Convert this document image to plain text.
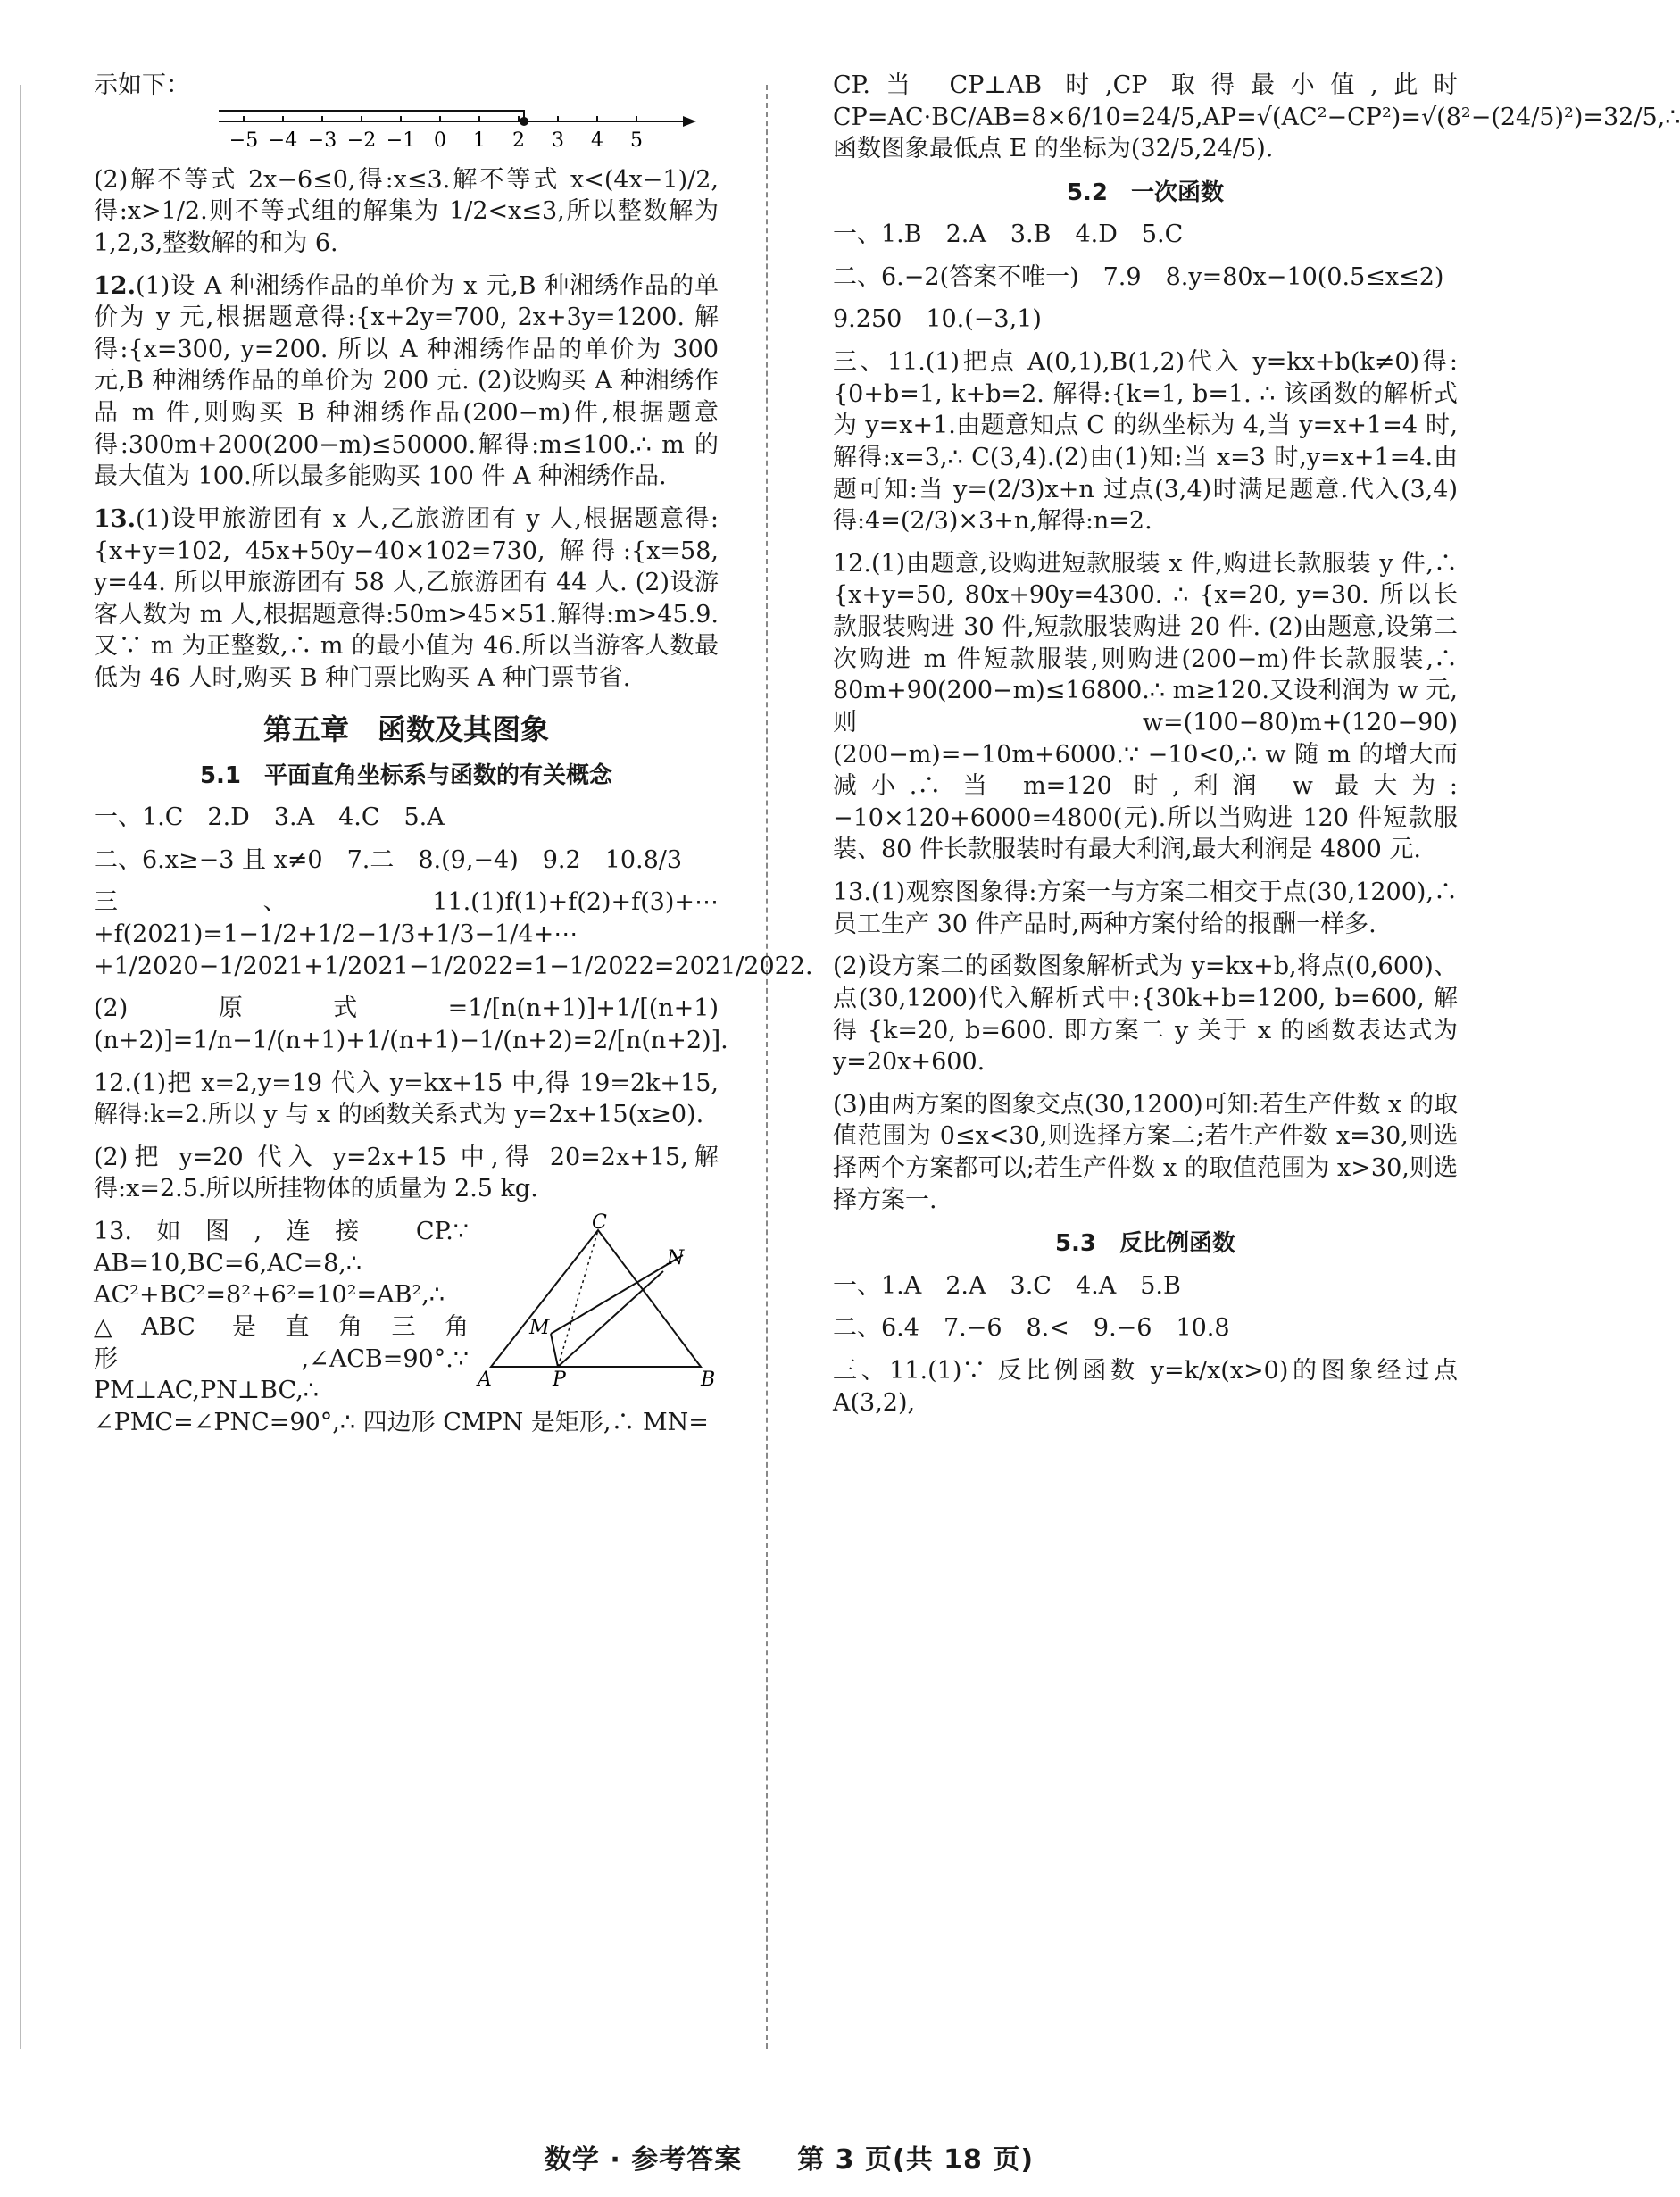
示如下：
−5 −4 −3 −2 −1 0 1 2 3 4 5

(2)解不等式 2x−6≤0,得:x≤3.解不等式 x<(4x−1)/2,得:x>1/2.则不等式组的解集为 1/2<x≤3,所以整数解为 1,2,3,整数解的和为 6.

12.(1)设 A 种湘绣作品的单价为 x 元,B 种湘绣作品的单价为 y 元,根据题意得:{x+2y=700, 2x+3y=1200. 解得:{x=300, y=200. 所以 A 种湘绣作品的单价为 300 元,B 种湘绣作品的单价为 200 元. (2)设购买 A 种湘绣作品 m 件,则购买 B 种湘绣作品(200−m)件,根据题意得:300m+200(200−m)≤50000.解得:m≤100.∴ m 的最大值为 100.所以最多能购买 100 件 A 种湘绣作品.

13.(1)设甲旅游团有 x 人,乙旅游团有 y 人,根据题意得:{x+y=102, 45x+50y−40×102=730, 解得:{x=58, y=44. 所以甲旅游团有 58 人,乙旅游团有 44 人. (2)设游客人数为 m 人,根据题意得:50m>45×51.解得:m>45.9.又∵ m 为正整数,∴ m 的最小值为 46.所以当游客人数最低为 46 人时,购买 B 种门票比购买 A 种门票节省.

第五章　函数及其图象
5.1　平面直角坐标系与函数的有关概念

一、1.C　2.D　3.A　4.C　5.A

二、6.x≥−3 且 x≠0　7.二　8.(9,−4)　9.2　10.8/3

三、11.(1)f(1)+f(2)+f(3)+⋯+f(2021)=1−1/2+1/2−1/3+1/3−1/4+⋯+1/2020−1/2021+1/2021−1/2022=1−1/2022=2021/2022.

(2)原式=1/[n(n+1)]+1/[(n+1)(n+2)]=1/n−1/(n+1)+1/(n+1)−1/(n+2)=2/[n(n+2)].

12.(1)把 x=2,y=19 代入 y=kx+15 中,得 19=2k+15,解得:k=2.所以 y 与 x 的函数关系式为 y=2x+15(x≥0).

(2)把 y=20 代入 y=2x+15 中,得 20=2x+15,解得:x=2.5.所以所挂物体的质量为 2.5 kg.

C
N
M
A	P	B
13.如图,连接 CP.∵ AB=10,BC=6,AC=8,∴ AC²+BC²=8²+6²=10²=AB²,∴ △ABC 是直角三角形,∠ACB=90°.∵ PM⊥AC,PN⊥BC,∴ ∠PMC=∠PNC=90°,∴ 四边形 CMPN 是矩形,∴ MN=

CP.当 CP⊥AB 时,CP 取得最小值,此时 CP=AC·BC/AB=8×6/10=24/5,AP=√(AC²−CP²)=√(8²−(24/5)²)=32/5,∴ 函数图象最低点 E 的坐标为(32/5,24/5).

5.2　一次函数

一、1.B　2.A　3.B　4.D　5.C

二、6.−2(答案不唯一)　7.9　8.y=80x−10(0.5≤x≤2)

9.250　10.(−3,1)

三、11.(1)把点 A(0,1),B(1,2)代入 y=kx+b(k≠0)得:{0+b=1, k+b=2. 解得:{k=1, b=1. ∴ 该函数的解析式为 y=x+1.由题意知点 C 的纵坐标为 4,当 y=x+1=4 时,解得:x=3,∴ C(3,4).(2)由(1)知:当 x=3 时,y=x+1=4.由题可知:当 y=(2/3)x+n 过点(3,4)时满足题意.代入(3,4)得:4=(2/3)×3+n,解得:n=2.

12.(1)由题意,设购进短款服装 x 件,购进长款服装 y 件,∴ {x+y=50, 80x+90y=4300. ∴ {x=20, y=30. 所以长款服装购进 30 件,短款服装购进 20 件. (2)由题意,设第二次购进 m 件短款服装,则购进(200−m)件长款服装,∴ 80m+90(200−m)≤16800.∴ m≥120.又设利润为 w 元,则 w=(100−80)m+(120−90)(200−m)=−10m+6000.∵ −10<0,∴ w 随 m 的增大而减小.∴ 当 m=120 时,利润 w 最大为:−10×120+6000=4800(元).所以当购进 120 件短款服装、80 件长款服装时有最大利润,最大利润是 4800 元.

13.(1)观察图象得:方案一与方案二相交于点(30,1200),∴ 员工生产 30 件产品时,两种方案付给的报酬一样多.

(2)设方案二的函数图象解析式为 y=kx+b,将点(0,600)、点(30,1200)代入解析式中:{30k+b=1200, b=600, 解得 {k=20, b=600. 即方案二 y 关于 x 的函数表达式为 y=20x+600.

(3)由两方案的图象交点(30,1200)可知:若生产件数 x 的取值范围为 0≤x<30,则选择方案二;若生产件数 x=30,则选择两个方案都可以;若生产件数 x 的取值范围为 x>30,则选择方案一.

5.3　反比例函数

一、1.A　2.A　3.C　4.A　5.B

二、6.4　7.−6　8.<　9.−6　10.8

三、11.(1)∵ 反比例函数 y=k/x(x>0)的图象经过点 A(3,2),

数学 · 参考答案　　第 3 页(共 18 页)
